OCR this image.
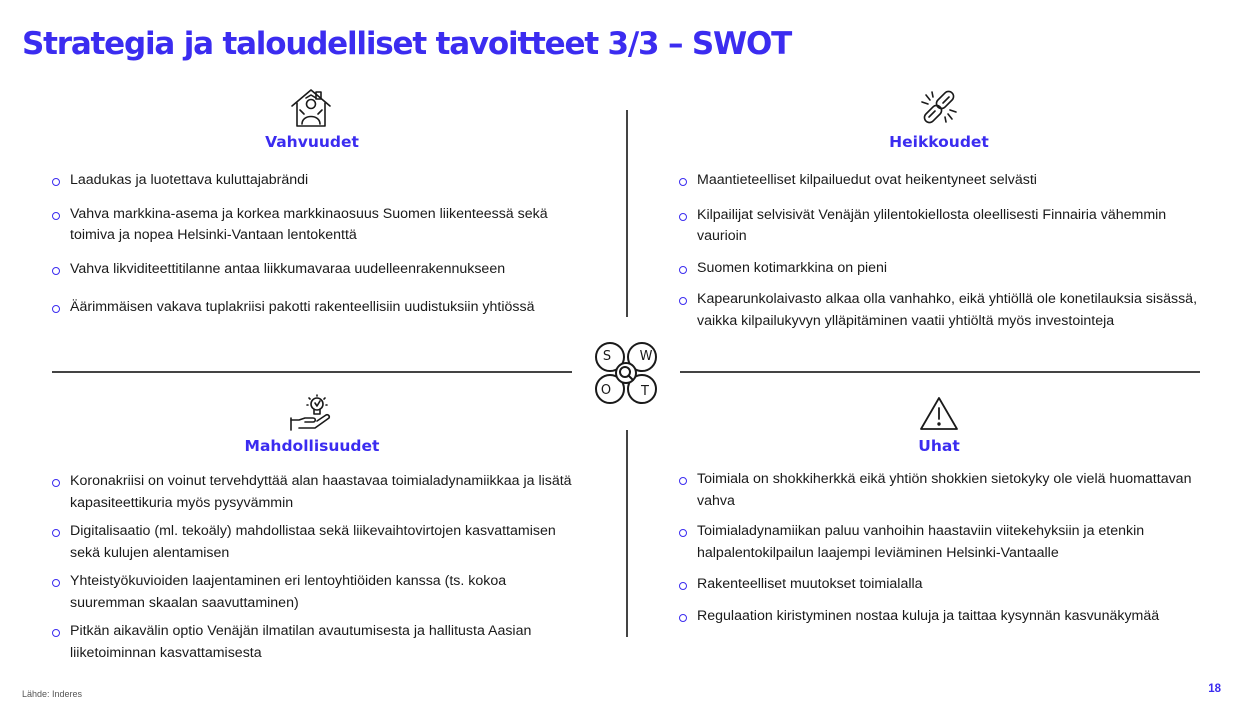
Strategia ja taloudelliset tavoitteet 3/3 – SWOT
S W
O T
Vahvuudet
Laadukas ja luotettava kuluttajabrändi
Vahva markkina-asema ja korkea markkinaosuus Suomen liikenteessä sekä toimiva ja nopea Helsinki-Vantaan lentokenttä
Vahva likviditeettitilanne antaa liikkumavaraa uudelleenrakennukseen
Äärimmäisen vakava tuplakriisi pakotti rakenteellisiin uudistuksiin yhtiössä
Heikkoudet
Maantieteelliset kilpailuedut ovat heikentyneet selvästi
Kilpailijat selvisivät Venäjän ylilentokiellosta oleellisesti Finnairia vähemmin vaurioin
Suomen kotimarkkina on pieni
Kapearunkolaivasto alkaa olla vanhahko, eikä yhtiöllä ole konetilauksia sisässä, vaikka kilpailukyvyn ylläpitäminen vaatii yhtiöltä myös investointeja
Mahdollisuudet
Koronakriisi on voinut tervehdyttää alan haastavaa toimialadynamiikkaa ja lisätä kapasiteettikuria myös pysyvämmin
Digitalisaatio (ml. tekoäly) mahdollistaa sekä liikevaihtovirtojen kasvattamisen sekä kulujen alentamisen
Yhteistyökuvioiden laajentaminen eri lentoyhtiöiden kanssa (ts. kokoa suuremman skaalan saavuttaminen)
Pitkän aikavälin optio Venäjän ilmatilan avautumisesta ja hallitusta Aasian liiketoiminnan kasvattamisesta
Uhat
Toimiala on shokkiherkkä eikä yhtiön shokkien sietokyky ole vielä huomattavan vahva
Toimialadynamiikan paluu vanhoihin haastaviin viitekehyksiin ja etenkin halpalentokilpailun laajempi leviäminen Helsinki-Vantaalle
Rakenteelliset muutokset toimialalla
Regulaation kiristyminen nostaa kuluja ja taittaa kysynnän kasvunäkymää
Lähde: Inderes	18
